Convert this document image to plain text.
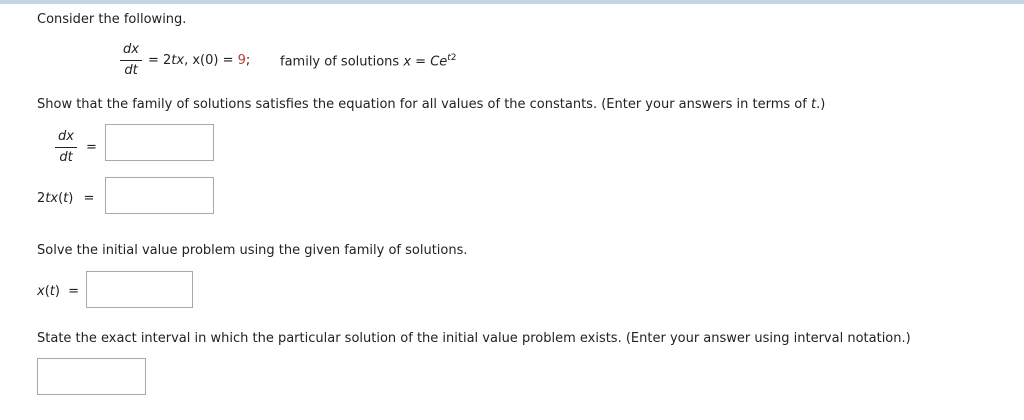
Consider the following.
dx
dt
= 2tx, x(0) = 9; family of solutions $x = Ce^{t2}$
Show that the family of solutions satisfies the equation for all values of the constants. (Enter your answers in terms of t.)
dx
dt
=
2tx(t) =
Solve the initial value problem using the given family of solutions.
x(t) =
State the exact interval in which the particular solution of the initial value problem exists. (Enter your answer using interval notation.)
